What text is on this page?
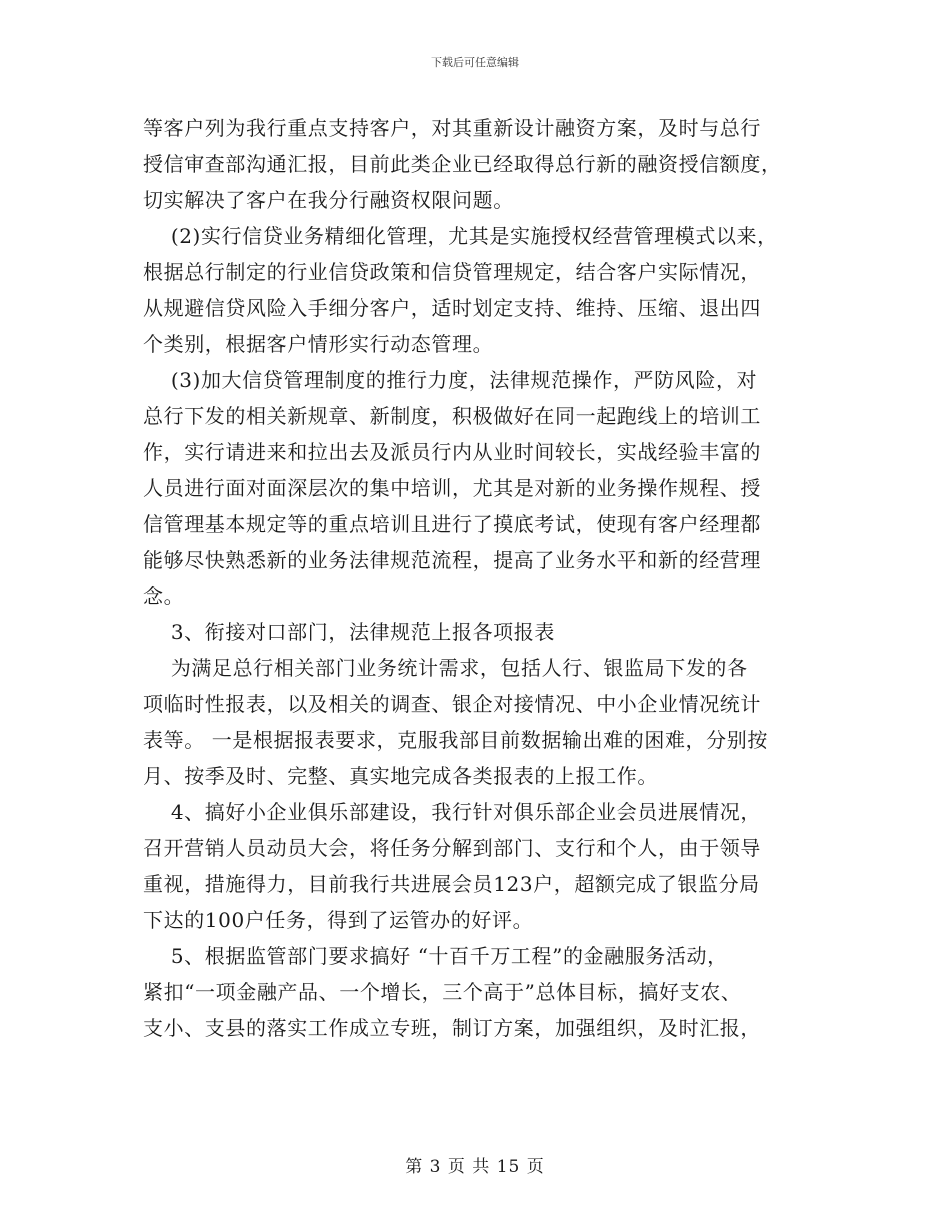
下载后可任意编辑
等客户列为我行重点支持客户，对其重新设计融资方案，及时与总行
授信审查部沟通汇报，目前此类企业已经取得总行新的融资授信额度，
切实解决了客户在我分行融资权限问题。
(2)实行信贷业务精细化管理，尤其是实施授权经营管理模式以来，
根据总行制定的行业信贷政策和信贷管理规定，结合客户实际情况，
从规避信贷风险入手细分客户，适时划定支持、维持、压缩、退出四
个类别，根据客户情形实行动态管理。
(3)加大信贷管理制度的推行力度，法律规范操作，严防风险，对
总行下发的相关新规章、新制度，积极做好在同一起跑线上的培训工
作，实行请进来和拉出去及派员行内从业时间较长，实战经验丰富的
人员进行面对面深层次的集中培训，尤其是对新的业务操作规程、授
信管理基本规定等的重点培训且进行了摸底考试，使现有客户经理都
能够尽快熟悉新的业务法律规范流程，提高了业务水平和新的经营理
念。
3、衔接对口部门，法律规范上报各项报表
为满足总行相关部门业务统计需求，包括人行、银监局下发的各
项临时性报表，以及相关的调查、银企对接情况、中小企业情况统计
表等。 一是根据报表要求，克服我部目前数据输出难的困难，分别按
月、按季及时、完整、真实地完成各类报表的上报工作。
4、搞好小企业俱乐部建设，我行针对俱乐部企业会员进展情况，
召开营销人员动员大会，将任务分解到部门、支行和个人，由于领导
重视，措施得力，目前我行共进展会员123户，超额完成了银监分局
下达的100户任务，得到了运管办的好评。
5、根据监管部门要求搞好 “十百千万工程”的金融服务活动，
紧扣“一项金融产品、一个增长，三个高于”总体目标，搞好支农、
支小、支县的落实工作成立专班，制订方案，加强组织，及时汇报，
第 3 页 共 15 页
